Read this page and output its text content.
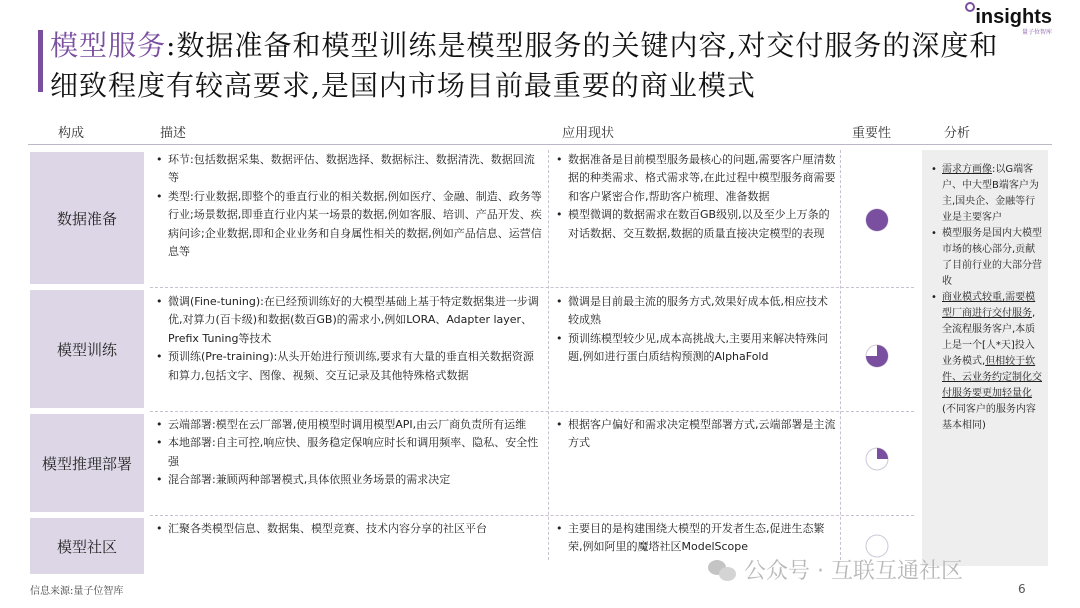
模型服务:数据准备和模型训练是模型服务的关键内容,对交付服务的深度和细致程度有较高要求,是国内市场目前最重要的商业模式
insights
量子位智库
构成	描述	应用现状	重要性	分析
数据准备
模型训练
模型推理部署
模型社区
• 环节:包括数据采集、数据评估、数据选择、数据标注、数据清洗、数据回流等
• 类型:行业数据,即整个的垂直行业的相关数据,例如医疗、金融、制造、政务等行业;场景数据,即垂直行业内某一场景的数据,例如客服、培训、产品开发、疾病问诊;企业数据,即和企业业务和自身属性相关的数据,例如产品信息、运营信息等
• 数据准备是目前模型服务最核心的问题,需要客户厘清数据的种类需求、格式需求等,在此过程中模型服务商需要和客户紧密合作,帮助客户梳理、准备数据
• 模型微调的数据需求在数百GB级别,以及至少上万条的对话数据、交互数据,数据的质量直接决定模型的表现
• 微调(Fine-tuning):在已经预训练好的大模型基础上基于特定数据集进一步调优,对算力(百卡级)和数据(数百GB)的需求小,例如LORA、Adapter layer、Prefix Tuning等技术
• 预训练(Pre-training):从头开始进行预训练,要求有大量的垂直相关数据资源和算力,包括文字、图像、视频、交互记录及其他特殊格式数据
• 微调是目前最主流的服务方式,效果好成本低,相应技术较成熟
• 预训练模型较少见,成本高挑战大,主要用来解决特殊问题,例如进行蛋白质结构预测的AlphaFold
• 云端部署:模型在云厂部署,使用模型时调用模型API,由云厂商负责所有运维
• 本地部署:自主可控,响应快、服务稳定保响应时长和调用频率、隐私、安全性强
• 混合部署:兼顾两种部署模式,具体依照业务场景的需求决定
• 根据客户偏好和需求决定模型部署方式,云端部署是主流方式
• 汇聚各类模型信息、数据集、模型竞赛、技术内容分享的社区平台
•	主要目的是构建围绕大模型的开发者生态,促进生态繁荣,例如阿里的魔塔社区ModelScope
• 需求方画像:以G端客户、中大型B端客户为主,国央企、金融等行业是主要客户
• 模型服务是国内大模型市场的核心部分,贡献了目前行业的大部分营收
• 商业模式较重,需要模型厂商进行交付服务,全流程服务客户,本质上是一个[人*天]投入业务模式,但相较于软件、云业务约定制化交付服务要更加轻量化(不同客户的服务内容基本相同)
信息来源:量子位智库
公众号 · 互联互通社区
6
